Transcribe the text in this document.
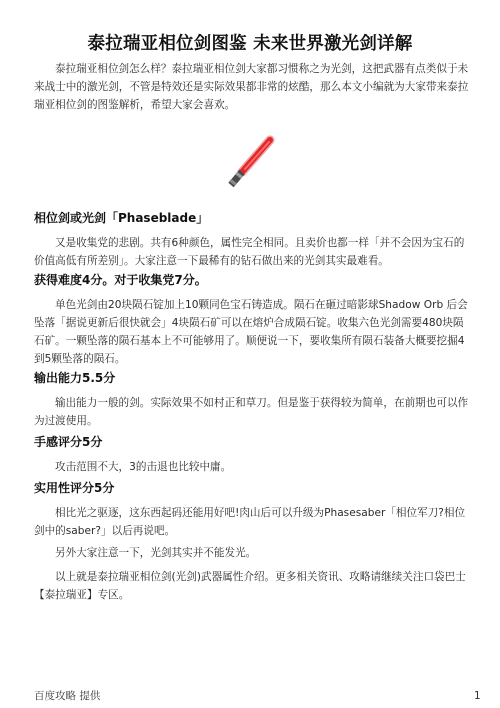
泰拉瑞亚相位剑图鉴 未来世界激光剑详解

泰拉瑞亚相位剑怎么样？泰拉瑞亚相位剑大家都习惯称之为光剑，这把武器有点类似于未来战士中的激光剑，不管是特效还是实际效果都非常的炫酷，那么本文小编就为大家带来泰拉瑞亚相位剑的图鉴解析，希望大家会喜欢。

相位剑或光剑「Phaseblade」

又是收集党的悲剧。共有6种颜色，属性完全相同。且卖价也都一样「并不会因为宝石的价值高低有所差别」。大家注意一下最稀有的钻石做出来的光剑其实最难看。

获得难度4分。对于收集党7分。

单色光剑由20块陨石锭加上10颗同色宝石铸造成。陨石在砸过暗影球Shadow Orb 后会坠落「据说更新后很快就会」4块陨石矿可以在熔炉合成陨石锭。收集六色光剑需要480块陨石矿。一颗坠落的陨石基本上不可能够用了。顺便说一下，要收集所有陨石装备大概要挖掘4到5颗坠落的陨石。

输出能力5.5分

输出能力一般的剑。实际效果不如村正和草刀。但是鉴于获得较为简单，在前期也可以作为过渡使用。

手感评分5分

攻击范围不大，3的击退也比较中庸。

实用性评分5分

相比光之驱逐，这东西起码还能用好吧!肉山后可以升级为Phasesaber「相位军刀?相位剑中的saber?」以后再说吧。

另外大家注意一下，光剑其实并不能发光。

以上就是泰拉瑞亚相位剑(光剑)武器属性介绍。更多相关资讯、攻略请继续关注口袋巴士【泰拉瑞亚】专区。

百度攻略 提供	1
